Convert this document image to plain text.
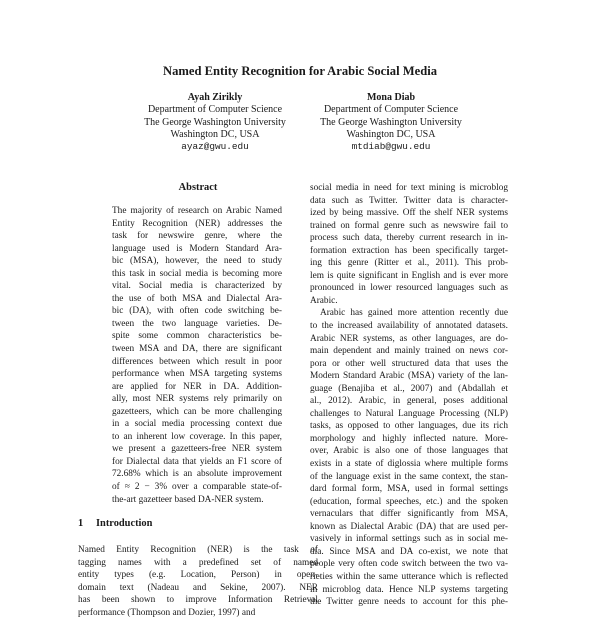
Named Entity Recognition for Arabic Social Media
Ayah Zirikly
Department of Computer Science
The George Washington University
Washington DC, USA
ayaz@gwu.edu
Mona Diab
Department of Computer Science
The George Washington University
Washington DC, USA
mtdiab@gwu.edu
Abstract
The majority of research on Arabic Named
Entity Recognition (NER) addresses the
task for newswire genre, where the
language used is Modern Standard Ara-
bic (MSA), however, the need to study
this task in social media is becoming more
vital. Social media is characterized by
the use of both MSA and Dialectal Ara-
bic (DA), with often code switching be-
tween the two language varieties. De-
spite some common characteristics be-
tween MSA and DA, there are significant
differences between which result in poor
performance when MSA targeting systems
are applied for NER in DA. Addition-
ally, most NER systems rely primarily on
gazetteers, which can be more challenging
in a social media processing context due
to an inherent low coverage. In this paper,
we present a gazetteers-free NER system
for Dialectal data that yields an F1 score of
72.68% which is an absolute improvement
of ≈ 2 − 3% over a comparable state-of-
the-art gazetteer based DA-NER system.
1 Introduction
Named Entity Recognition (NER) is the task of
tagging names with a predefined set of named
entity types (e.g. Location, Person) in open-
domain text (Nadeau and Sekine, 2007). NER
has been shown to improve Information Retrieval
performance (Thompson and Dozier, 1997) and
social media in need for text mining is microblog
data such as Twitter. Twitter data is character-
ized by being massive. Off the shelf NER systems
trained on formal genre such as newswire fail to
process such data, thereby current research in in-
formation extraction has been specifically target-
ing this genre (Ritter et al., 2011). This prob-
lem is quite significant in English and is ever more
pronounced in lower resourced languages such as
Arabic.
Arabic has gained more attention recently due
to the increased availability of annotated datasets.
Arabic NER systems, as other languages, are do-
main dependent and mainly trained on news cor-
pora or other well structured data that uses the
Modern Standard Arabic (MSA) variety of the lan-
guage (Benajiba et al., 2007) and (Abdallah et
al., 2012). Arabic, in general, poses additional
challenges to Natural Language Processing (NLP)
tasks, as opposed to other languages, due its rich
morphology and highly inflected nature. More-
over, Arabic is also one of those languages that
exists in a state of diglossia where multiple forms
of the language exist in the same context, the stan-
dard formal form, MSA, used in formal settings
(education, formal speeches, etc.) and the spoken
vernaculars that differ significantly from MSA,
known as Dialectal Arabic (DA) that are used per-
vasively in informal settings such as in social me-
dia. Since MSA and DA co-exist, we note that
people very often code switch between the two va-
rieties within the same utterance which is reflected
in microblog data. Hence NLP systems targeting
the Twitter genre needs to account for this phe-
